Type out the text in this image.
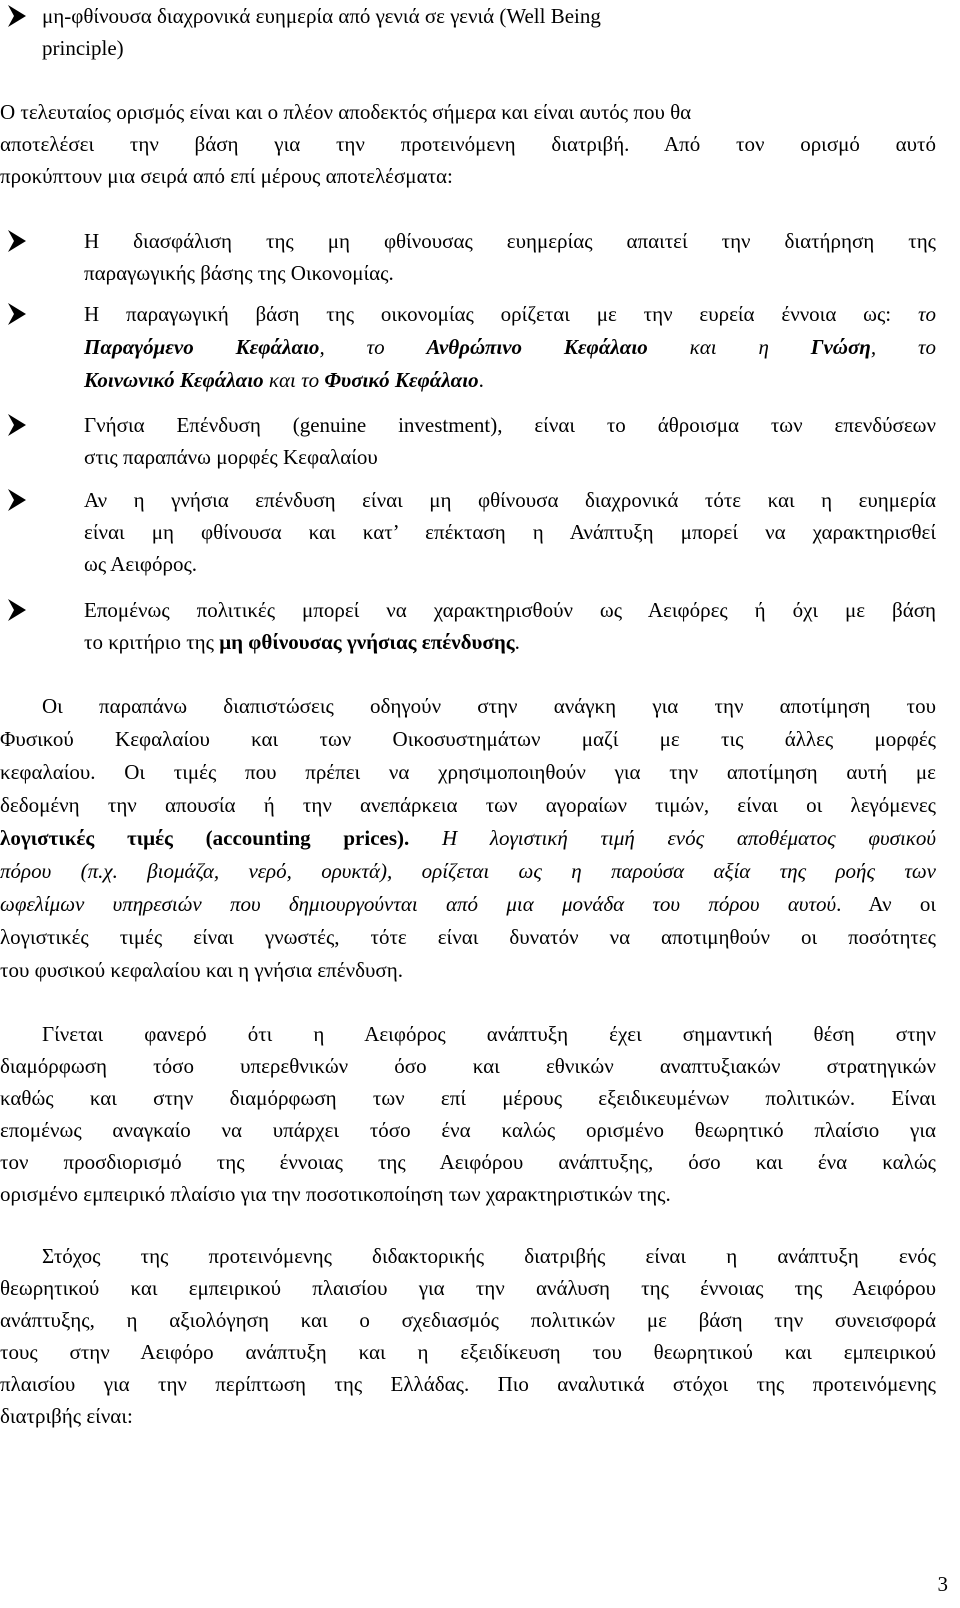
μη-φθίνουσα διαχρονικά ευημερία από γενιά σε γενιά (Well Being
principle)
Ο τελευταίος ορισμός είναι και ο πλέον αποδεκτός σήμερα και είναι αυτός που θα
αποτελέσει την βάση για την προτεινόμενη διατριβή. Από τον ορισμό αυτό
προκύπτουν μια σειρά από επί μέρους αποτελέσματα:
Η διασφάλιση της μη φθίνουσας ευημερίας απαιτεί την διατήρηση της
παραγωγικής βάσης της Οικονομίας.
Η παραγωγική βάση της οικονομίας ορίζεται με την ευρεία έννοια ως: το
Παραγόμενο Κεφάλαιο, το Ανθρώπινο Κεφάλαιο και η Γνώση, το
Κοινωνικό Κεφάλαιο και το Φυσικό Κεφάλαιο.
Γνήσια Επένδυση (genuine investment), είναι το άθροισμα των επενδύσεων
στις παραπάνω μορφές Κεφαλαίου
Αν η γνήσια επένδυση είναι μη φθίνουσα διαχρονικά τότε και η ευημερία
είναι μη φθίνουσα και κατ’ επέκταση η Ανάπτυξη μπορεί να χαρακτηρισθεί
ως Αειφόρος.
Επομένως πολιτικές μπορεί να χαρακτηρισθούν ως Αειφόρες ή όχι με βάση
το κριτήριο της μη φθίνουσας γνήσιας επένδυσης.
Οι παραπάνω διαπιστώσεις οδηγούν στην ανάγκη για την αποτίμηση του
Φυσικού Κεφαλαίου και των Οικοσυστημάτων μαζί με τις άλλες μορφές
κεφαλαίου. Οι τιμές που πρέπει να χρησιμοποιηθούν για την αποτίμηση αυτή με
δεδομένη την απουσία ή την ανεπάρκεια των αγοραίων τιμών, είναι οι λεγόμενες
λογιστικές τιμές (accounting prices). Η λογιστική τιμή ενός αποθέματος φυσικού
πόρου (π.χ. βιομάζα, νερό, ορυκτά), ορίζεται ως η παρούσα αξία της ροής των
ωφελίμων υπηρεσιών που δημιουργούνται από μια μονάδα του πόρου αυτού. Αν οι
λογιστικές τιμές είναι γνωστές, τότε είναι δυνατόν να αποτιμηθούν οι ποσότητες
του φυσικού κεφαλαίου και η γνήσια επένδυση.
Γίνεται φανερό ότι η Αειφόρος ανάπτυξη έχει σημαντική θέση στην
διαμόρφωση τόσο υπερεθνικών όσο και εθνικών αναπτυξιακών στρατηγικών
καθώς και στην διαμόρφωση των επί μέρους εξειδικευμένων πολιτικών. Είναι
επομένως αναγκαίο να υπάρχει τόσο ένα καλώς ορισμένο θεωρητικό πλαίσιο για
τον προσδιορισμό της έννοιας της Αειφόρου ανάπτυξης, όσο και ένα καλώς
ορισμένο εμπειρικό πλαίσιο για την ποσοτικοποίηση των χαρακτηριστικών της.
Στόχος της προτεινόμενης διδακτορικής διατριβής είναι η ανάπτυξη ενός
θεωρητικού και εμπειρικού πλαισίου για την ανάλυση της έννοιας της Αειφόρου
ανάπτυξης, η αξιολόγηση και ο σχεδιασμός πολιτικών με βάση την συνεισφορά
τους στην Αειφόρο ανάπτυξη και η εξειδίκευση του θεωρητικού και εμπειρικού
πλαισίου για την περίπτωση της Ελλάδας. Πιο αναλυτικά στόχοι της προτεινόμενης
διατριβής είναι:
3
